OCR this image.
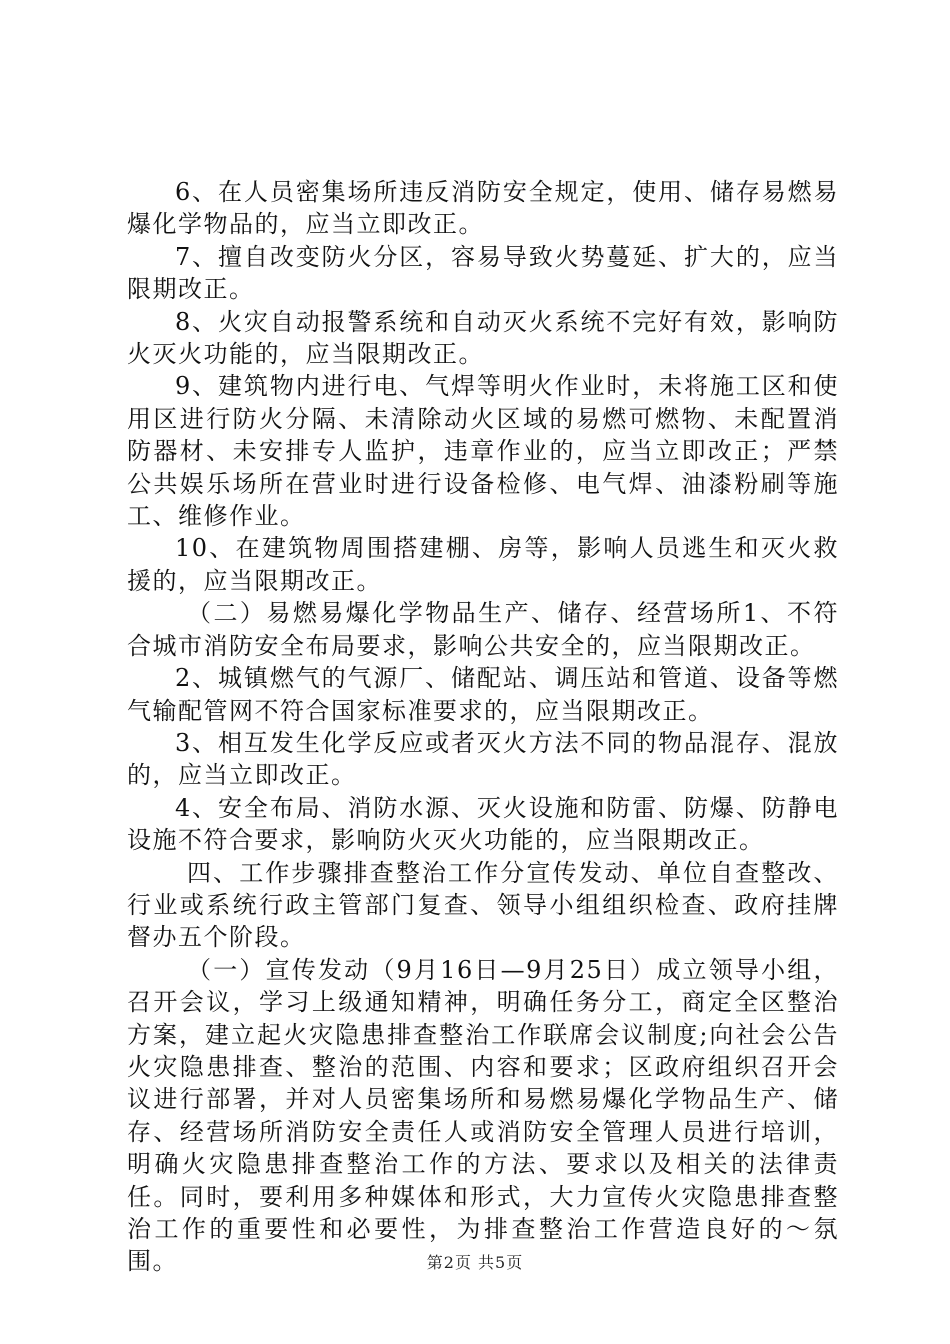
6、在人员密集场所违反消防安全规定，使用、储存易燃易爆化学物品的，应当立即改正。

7、擅自改变防火分区，容易导致火势蔓延、扩大的，应当限期改正。

8、火灾自动报警系统和自动灭火系统不完好有效，影响防火灭火功能的，应当限期改正。

9、建筑物内进行电、气焊等明火作业时，未将施工区和使用区进行防火分隔、未清除动火区域的易燃可燃物、未配置消防器材、未安排专人监护，违章作业的，应当立即改正；严禁公共娱乐场所在营业时进行设备检修、电气焊、油漆粉刷等施工、维修作业。

10、在建筑物周围搭建棚、房等，影响人员逃生和灭火救援的，应当限期改正。

（二）易燃易爆化学物品生产、储存、经营场所1、不符合城市消防安全布局要求，影响公共安全的，应当限期改正。

2、城镇燃气的气源厂、储配站、调压站和管道、设备等燃气输配管网不符合国家标准要求的，应当限期改正。

3、相互发生化学反应或者灭火方法不同的物品混存、混放的，应当立即改正。

4、安全布局、消防水源、灭火设施和防雷、防爆、防静电设施不符合要求，影响防火灭火功能的，应当限期改正。

四、工作步骤排查整治工作分宣传发动、单位自查整改、行业或系统行政主管部门复查、领导小组组织检查、政府挂牌督办五个阶段。

（一）宣传发动（9月16日—9月25日）成立领导小组，召开会议，学习上级通知精神，明确任务分工，商定全区整治方案，建立起火灾隐患排查整治工作联席会议制度;向社会公告火灾隐患排查、整治的范围、内容和要求；区政府组织召开会议进行部署，并对人员密集场所和易燃易爆化学物品生产、储存、经营场所消防安全责任人或消防安全管理人员进行培训，明确火灾隐患排查整治工作的方法、要求以及相关的法律责任。同时，要利用多种媒体和形式，大力宣传火灾隐患排查整治工作的重要性和必要性，为排查整治工作营造良好的～氛围。	第2页 共5页
